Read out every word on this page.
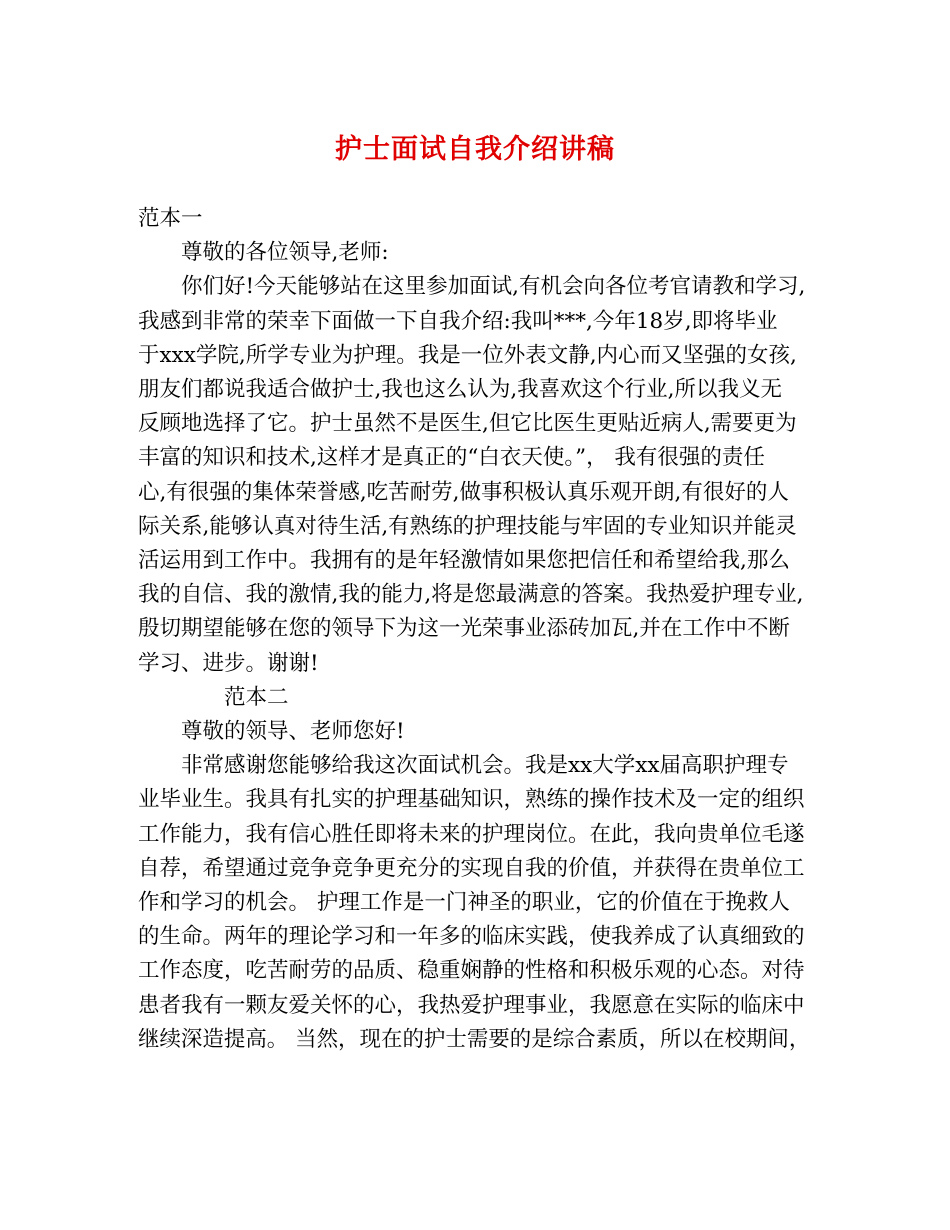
护士面试自我介绍讲稿
范本一
尊敬的各位领导,老师:
你们好!今天能够站在这里参加面试,有机会向各位考官请教和学习,
我感到非常的荣幸下面做一下自我介绍:我叫***,今年18岁,即将毕业
于xxx学院,所学专业为护理。我是一位外表文静,内心而又坚强的女孩,
朋友们都说我适合做护士,我也这么认为,我喜欢这个行业,所以我义无
反顾地选择了它。护士虽然不是医生,但它比医生更贴近病人,需要更为
丰富的知识和技术,这样才是真正的“白衣天使。”， 我有很强的责任
心,有很强的集体荣誉感,吃苦耐劳,做事积极认真乐观开朗,有很好的人
际关系,能够认真对待生活,有熟练的护理技能与牢固的专业知识并能灵
活运用到工作中。我拥有的是年轻激情如果您把信任和希望给我,那么
我的自信、我的激情,我的能力,将是您最满意的答案。我热爱护理专业,
殷切期望能够在您的领导下为这一光荣事业添砖加瓦,并在工作中不断
学习、进步。谢谢!
范本二
尊敬的领导、老师您好!
非常感谢您能够给我这次面试机会。我是xx大学xx届高职护理专
业毕业生。我具有扎实的护理基础知识，熟练的操作技术及一定的组织
工作能力，我有信心胜任即将未来的护理岗位。在此，我向贵单位毛遂
自荐，希望通过竞争竞争更充分的实现自我的价值，并获得在贵单位工
作和学习的机会。 护理工作是一门神圣的职业，它的价值在于挽救人
的生命。两年的理论学习和一年多的临床实践，使我养成了认真细致的
工作态度，吃苦耐劳的品质、稳重娴静的性格和积极乐观的心态。对待
患者我有一颗友爱关怀的心，我热爱护理事业，我愿意在实际的临床中
继续深造提高。 当然，现在的护士需要的是综合素质，所以在校期间，
